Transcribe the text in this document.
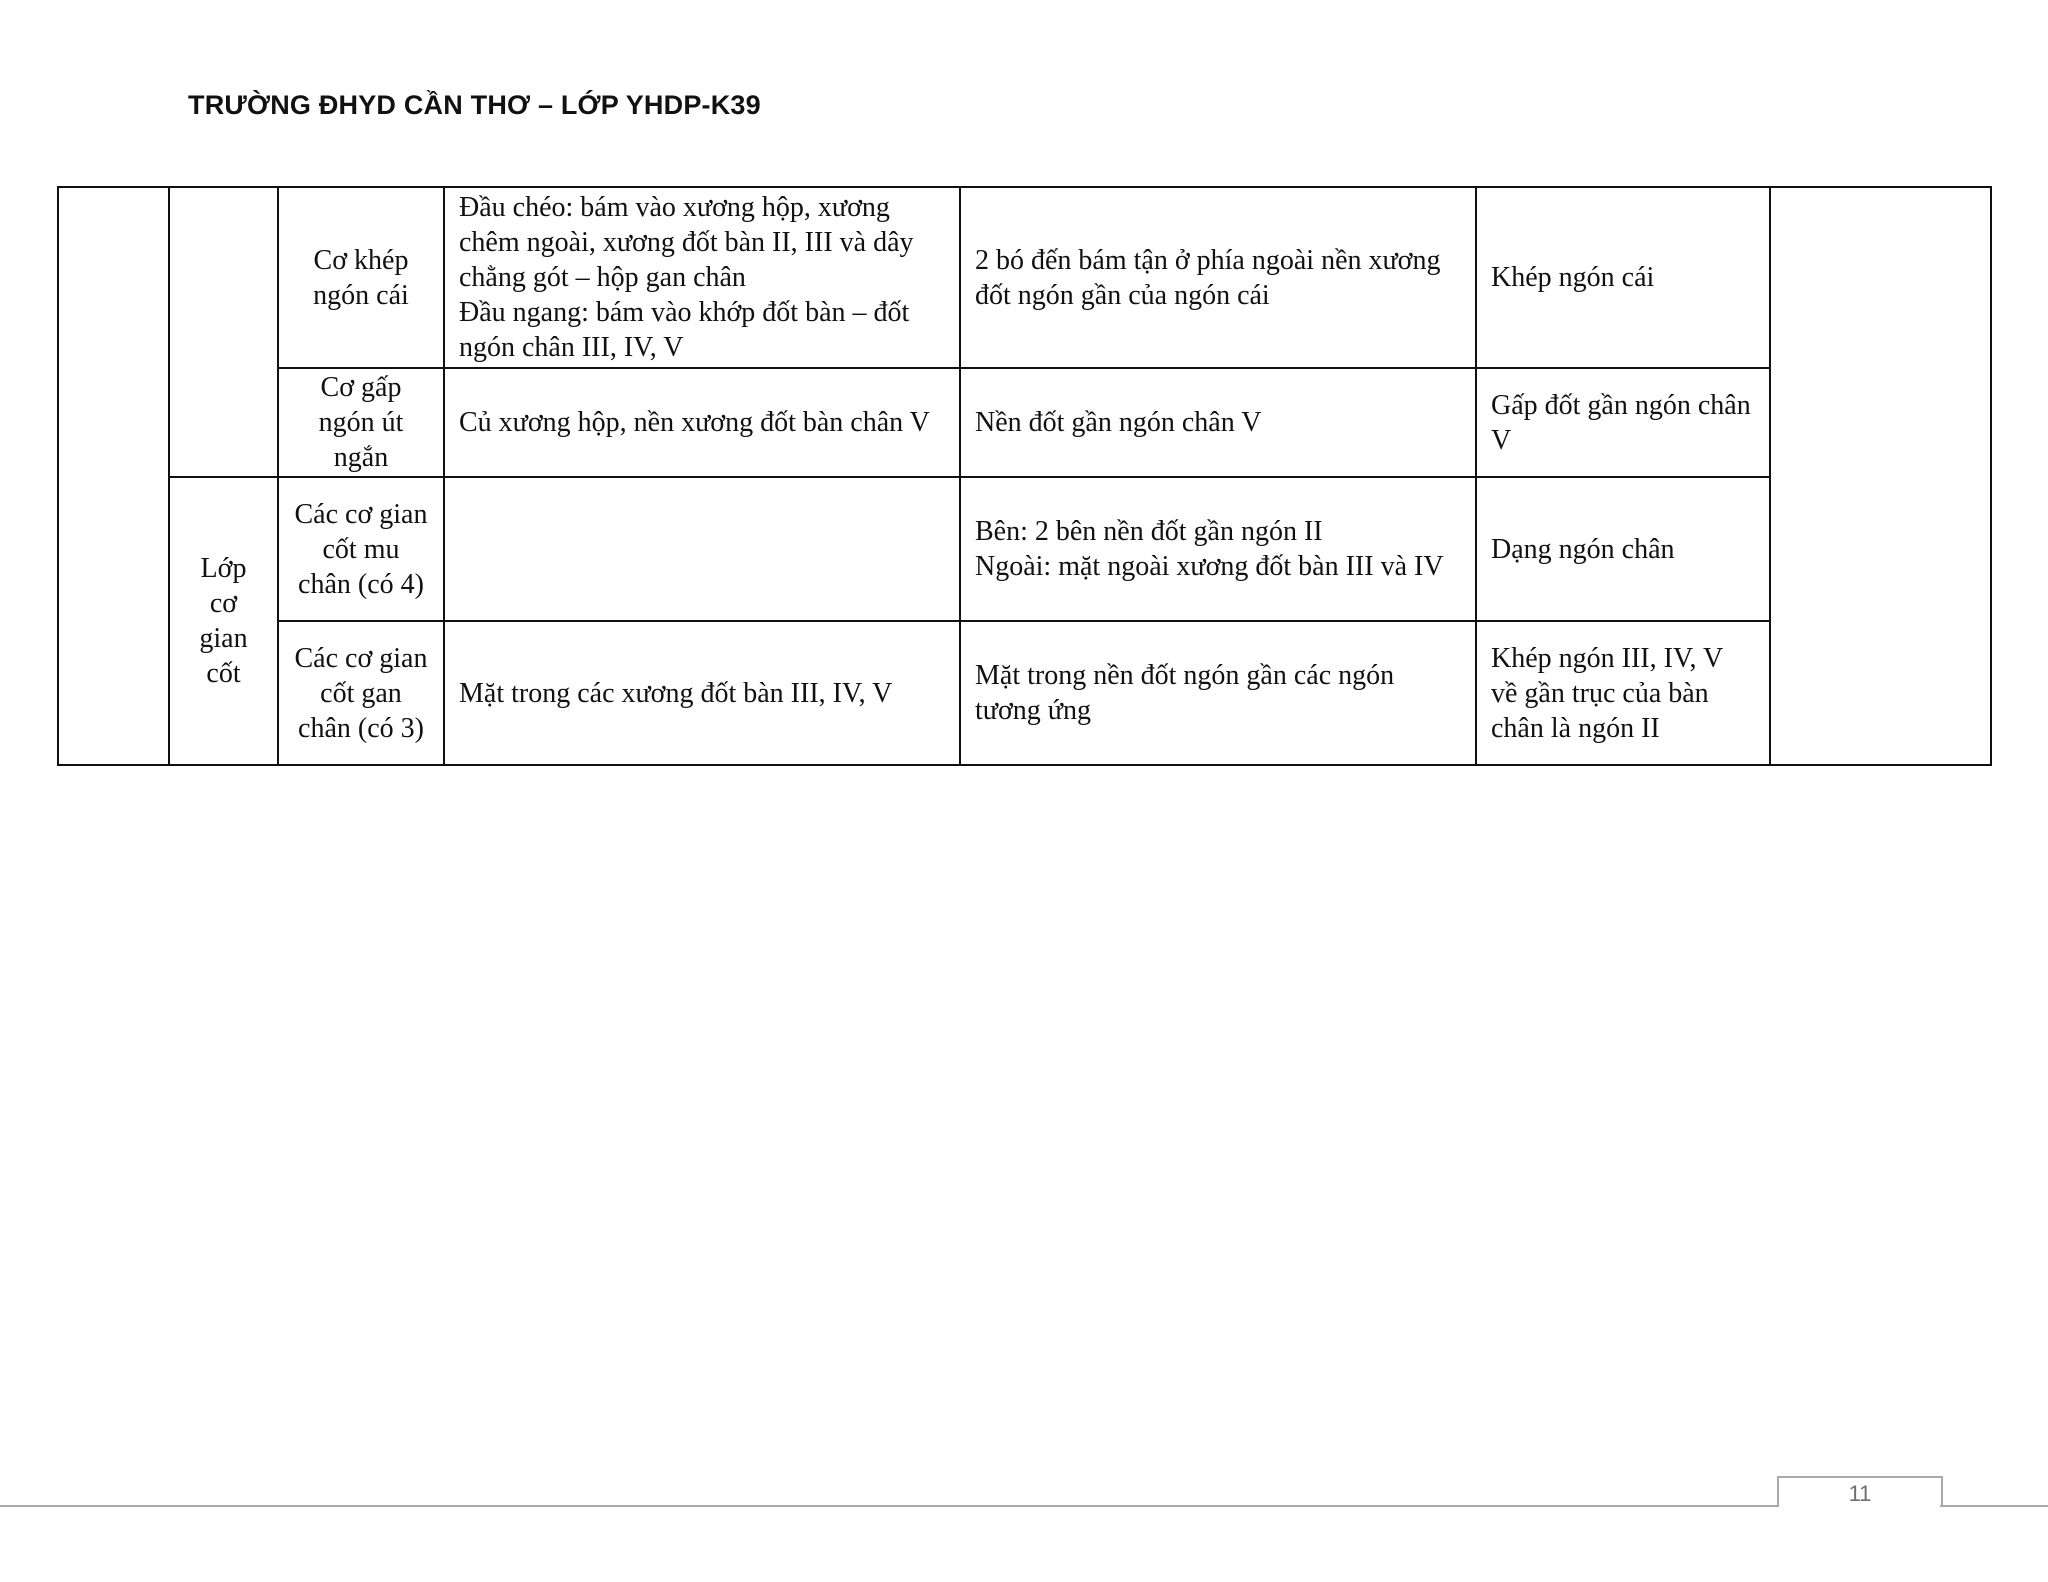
TRƯỜNG ĐHYD CẦN THƠ – LỚP YHDP-K39
		Cơ khép ngón cái	Đầu chéo: bám vào xương hộp, xương chêm ngoài, xương đốt bàn II, III và dây chằng gót – hộp gan chân
Đầu ngang: bám vào khớp đốt bàn – đốt ngón chân III, IV, V	2 bó đến bám tận ở phía ngoài nền xương đốt ngón gần của ngón cái	Khép ngón cái	
		Cơ gấp ngón út ngắn	Củ xương hộp, nền xương đốt bàn chân V	Nền đốt gần ngón chân V	Gấp đốt gần ngón chân V	
	Lớp cơ gian cốt	Các cơ gian cốt mu chân (có 4)		Bên: 2 bên nền đốt gần ngón II
Ngoài: mặt ngoài xương đốt bàn III và IV	Dạng ngón chân	
		Các cơ gian cốt gan chân (có 3)	Mặt trong các xương đốt bàn III, IV, V	Mặt trong nền đốt ngón gần các ngón tương ứng	Khép ngón III, IV, V về gần trục của bàn chân là ngón II	
11
